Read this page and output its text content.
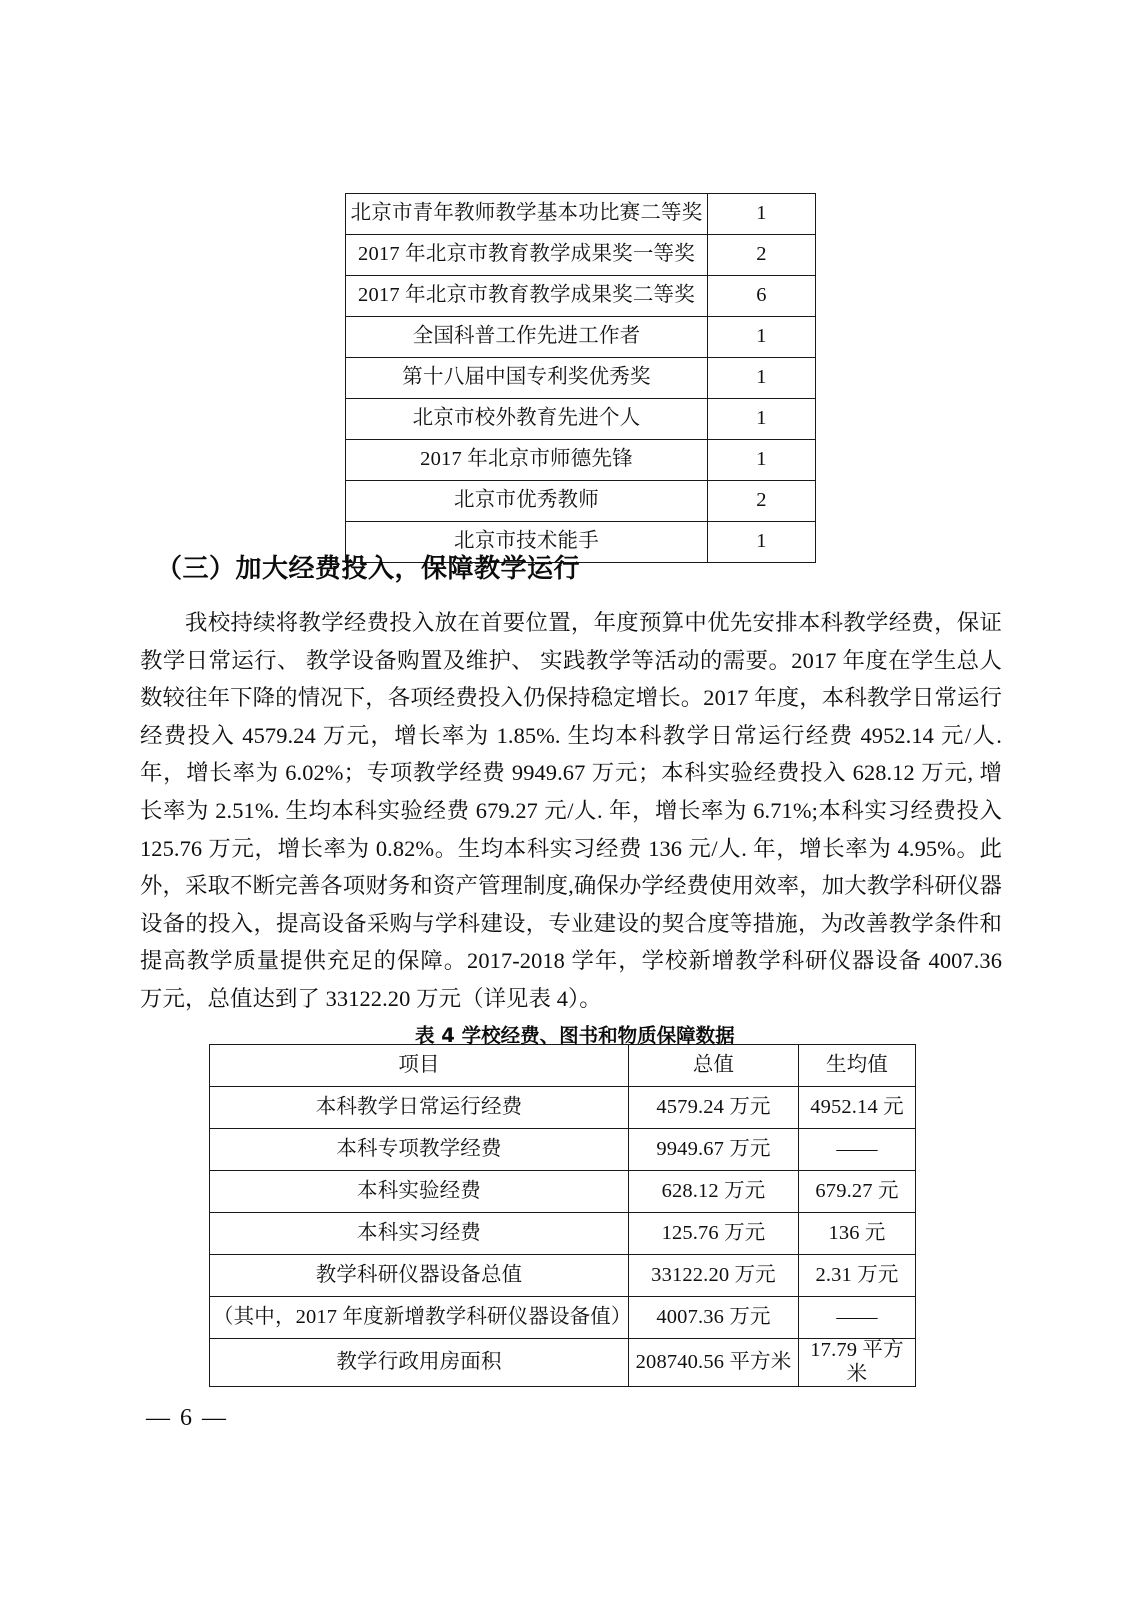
北京市青年教师教学基本功比赛二等奖	1
2017 年北京市教育教学成果奖一等奖	2
2017 年北京市教育教学成果奖二等奖	6
全国科普工作先进工作者	1
第十八届中国专利奖优秀奖	1
北京市校外教育先进个人	1
2017 年北京市师德先锋	1
北京市优秀教师	2
北京市技术能手	1
（三）加大经费投入，保障教学运行
我校持续将教学经费投入放在首要位置，年度预算中优先安排本科教学经费，保证教学日常运行、 教学设备购置及维护、 实践教学等活动的需要。2017 年度在学生总人数较往年下降的情况下，各项经费投入仍保持稳定增长。2017 年度，本科教学日常运行经费投入 4579.24 万元，增长率为 1.85%. 生均本科教学日常运行经费 4952.14 元/人. 年，增长率为 6.02%；专项教学经费 9949.67 万元；本科实验经费投入 628.12 万元, 增长率为 2.51%. 生均本科实验经费 679.27 元/人. 年，增长率为 6.71%;本科实习经费投入 125.76 万元，增长率为 0.82%。生均本科实习经费 136 元/人. 年，增长率为 4.95%。此外，采取不断完善各项财务和资产管理制度,确保办学经费使用效率，加大教学科研仪器设备的投入，提高设备采购与学科建设，专业建设的契合度等措施，为改善教学条件和提高教学质量提供充足的保障。2017-2018 学年，学校新增教学科研仪器设备 4007.36 万元，总值达到了 33122.20 万元（详见表 4）。
表 4 学校经费、图书和物质保障数据
项目	总值	生均值
本科教学日常运行经费	4579.24 万元	4952.14 元
本科专项教学经费	9949.67 万元	——
本科实验经费	628.12 万元	679.27 元
本科实习经费	125.76 万元	136 元
教学科研仪器设备总值	33122.20 万元	2.31 万元
（其中，2017 年度新增教学科研仪器设备值）	4007.36 万元	——
教学行政用房面积	208740.56 平方米	17.79 平方米
— 6 —
